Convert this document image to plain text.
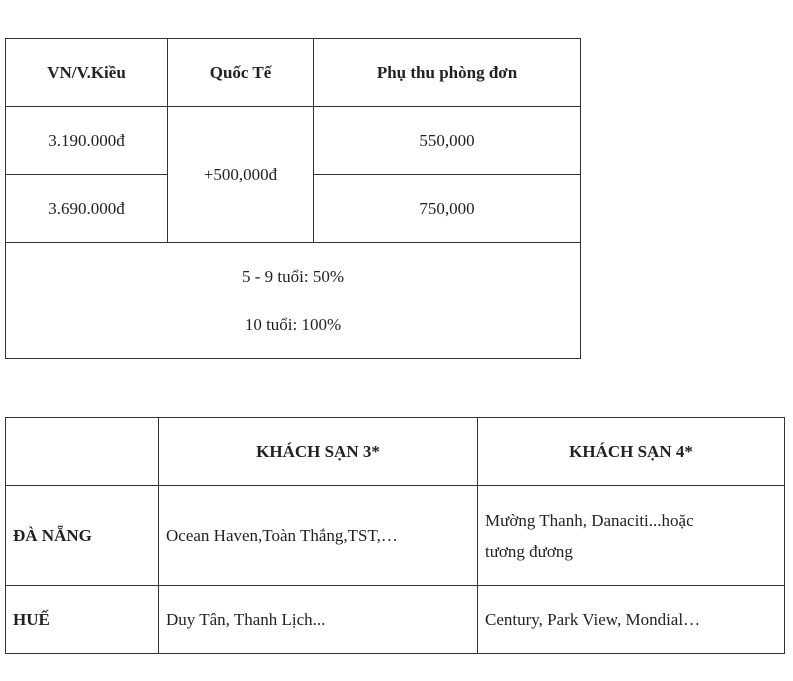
VN/V.Kiều	Quốc Tế	Phụ thu phòng đơn
3.190.000đ	+500,000đ	550,000
3.690.000đ		750,000

5 - 9 tuổi: 50%
10 tuổi: 100%		
	KHÁCH SẠN 3*	KHÁCH SẠN 4*
ĐÀ NẴNG	Ocean Haven,Toàn Thắng,TST,…	Mường Thanh, Danaciti...hoặc
tương đương

HUẾ	Duy Tân, Thanh Lịch...	Century, Park View, Mondial…
